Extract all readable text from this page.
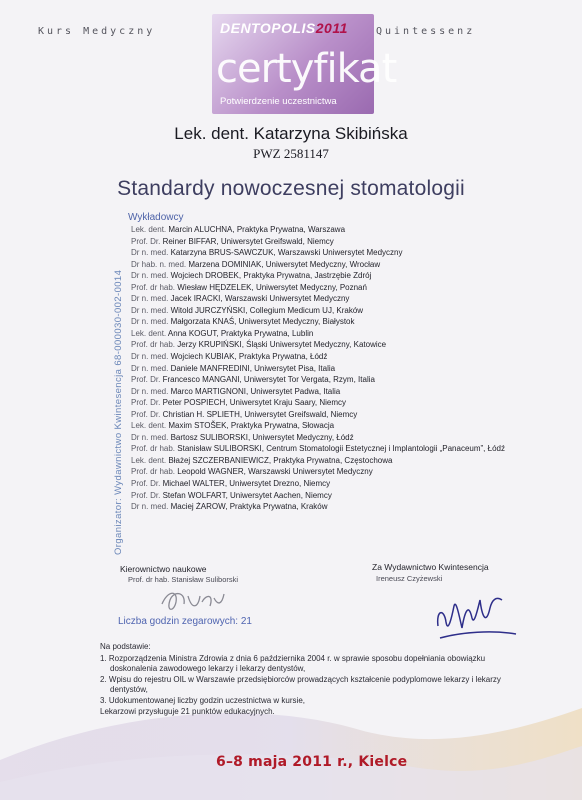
Kurs Medyczny	Quintessenz
DENTOPOLIS2011
certyfikat
Potwierdzenie uczestnictwa
Lek. dent. Katarzyna Skibińska
PWZ 2581147
Standardy nowoczesnej stomatologii
Wykładowcy
Organizator: Wydawnictwo Kwintesencja 68-000030-002-0014
Lek. dent. Marcin ALUCHNA, Praktyka Prywatna, Warszawa
Prof. Dr. Reiner BIFFAR, Uniwersytet Greifswald, Niemcy
Dr n. med. Katarzyna BRUS-SAWCZUK, Warszawski Uniwersytet Medyczny
Dr hab. n. med. Marzena DOMINIAK, Uniwersytet Medyczny, Wrocław
Dr n. med. Wojciech DROBEK, Praktyka Prywatna, Jastrzębie Zdrój
Prof. dr hab. Wiesław HĘDZELEK, Uniwersytet Medyczny, Poznań
Dr n. med. Jacek IRACKI, Warszawski Uniwersytet Medyczny
Dr n. med. Witold JURCZYŃSKI, Collegium Medicum UJ, Kraków
Dr n. med. Małgorzata KNAŚ, Uniwersytet Medyczny, Białystok
Lek. dent. Anna KOGUT, Praktyka Prywatna, Lublin
Prof. dr hab. Jerzy KRUPIŃSKI, Śląski Uniwersytet Medyczny, Katowice
Dr n. med. Wojciech KUBIAK, Praktyka Prywatna, Łódź
Dr n. med. Daniele MANFREDINI, Uniwersytet Pisa, Italia
Prof. Dr. Francesco MANGANI, Uniwersytet Tor Vergata, Rzym, Italia
Dr n. med. Marco MARTIGNONI, Uniwersytet Padwa, Italia
Prof. Dr. Peter POSPIECH, Uniwersytet Kraju Saary, Niemcy
Prof. Dr. Christian H. SPLIETH, Uniwersytet Greifswald, Niemcy
Lek. dent. Maxim STOŠEK, Praktyka Prywatna, Słowacja
Dr n. med. Bartosz SULIBORSKI, Uniwersytet Medyczny, Łódź
Prof. dr hab. Stanisław SULIBORSKI, Centrum Stomatologii Estetycznej i Implantologii „Panaceum”, Łódź
Lek. dent. Błażej SZCZERBANIEWICZ, Praktyka Prywatna, Częstochowa
Prof. dr hab. Leopold WAGNER, Warszawski Uniwersytet Medyczny
Prof. Dr. Michael WALTER, Uniwersytet Drezno, Niemcy
Prof. Dr. Stefan WOLFART, Uniwersytet Aachen, Niemcy
Dr n. med. Maciej ŻAROW, Praktyka Prywatna, Kraków
Kierownictwo naukowe
Prof. dr hab. Stanisław Suliborski
Za Wydawnictwo Kwintesencja
Ireneusz Czyżewski
Liczba godzin zegarowych: 21

Na podstawie:

1. Rozporządzenia Ministra Zdrowia z dnia 6 października 2004 r. w sprawie sposobu dopełniania obowiązku

doskonalenia zawodowego lekarzy i lekarzy dentystów,

2. Wpisu do rejestru OIL w Warszawie przedsiębiorców prowadzących kształcenie podyplomowe lekarzy i lekarzy

dentystów,

3. Udokumentowanej liczby godzin uczestnictwa w kursie,

Lekarzowi przysługuje 21 punktów edukacyjnych.

6–8 maja 2011 r., Kielce
